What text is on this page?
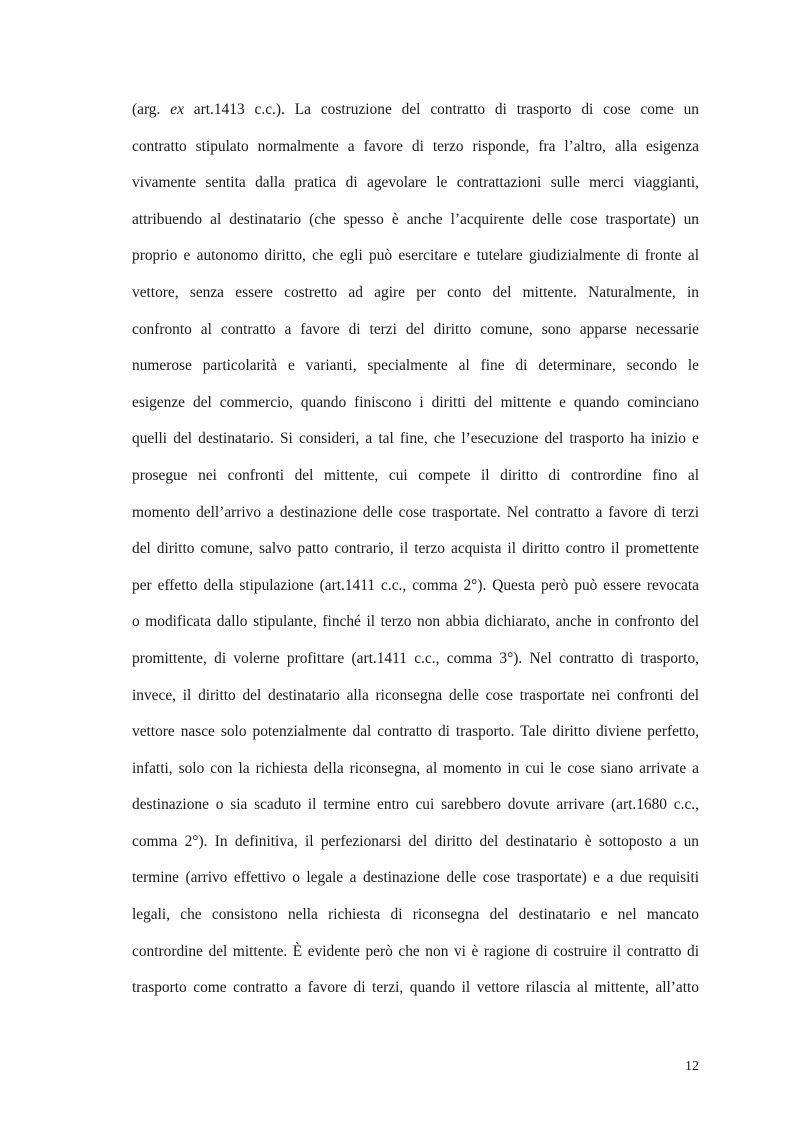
(arg. ex art.1413 c.c.). La costruzione del contratto di trasporto di cose come un
contratto stipulato normalmente a favore di terzo risponde, fra l’altro, alla esigenza
vivamente sentita dalla pratica di agevolare le contrattazioni sulle merci viaggianti,
attribuendo al destinatario (che spesso è anche l’acquirente delle cose trasportate) un
proprio e autonomo diritto, che egli può esercitare e tutelare giudizialmente di fronte al
vettore, senza essere costretto ad agire per conto del mittente. Naturalmente, in
confronto al contratto a favore di terzi del diritto comune, sono apparse necessarie
numerose particolarità e varianti, specialmente al fine di determinare, secondo le
esigenze del commercio, quando finiscono i diritti del mittente e quando cominciano
quelli del destinatario. Si consideri, a tal fine, che l’esecuzione del trasporto ha inizio e
prosegue nei confronti del mittente, cui compete il diritto di contrordine fino al
momento dell’arrivo a destinazione delle cose trasportate. Nel contratto a favore di terzi
del diritto comune, salvo patto contrario, il terzo acquista il diritto contro il promettente
per effetto della stipulazione (art.1411 c.c., comma 2°). Questa però può essere revocata
o modificata dallo stipulante, finché il terzo non abbia dichiarato, anche in confronto del
promittente, di volerne profittare (art.1411 c.c., comma 3°). Nel contratto di trasporto,
invece, il diritto del destinatario alla riconsegna delle cose trasportate nei confronti del
vettore nasce solo potenzialmente dal contratto di trasporto. Tale diritto diviene perfetto,
infatti, solo con la richiesta della riconsegna, al momento in cui le cose siano arrivate a
destinazione o sia scaduto il termine entro cui sarebbero dovute arrivare (art.1680 c.c.,
comma 2°). In definitiva, il perfezionarsi del diritto del destinatario è sottoposto a un
termine (arrivo effettivo o legale a destinazione delle cose trasportate) e a due requisiti
legali, che consistono nella richiesta di riconsegna del destinatario e nel mancato
contrordine del mittente. È evidente però che non vi è ragione di costruire il contratto di
trasporto come contratto a favore di terzi, quando il vettore rilascia al mittente, all’atto
12
